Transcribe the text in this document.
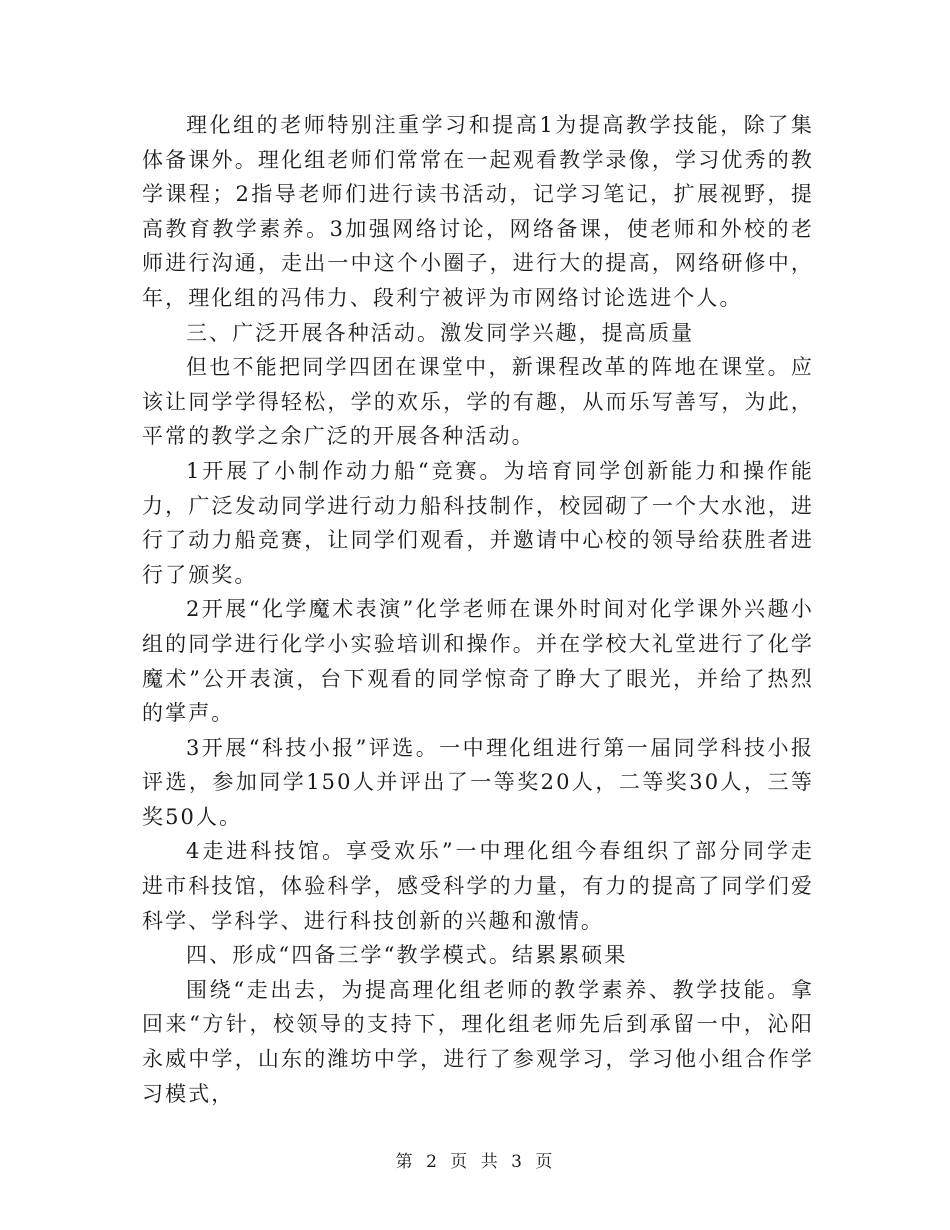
理化组的老师特别注重学习和提高1为提高教学技能，除了集体备课外。理化组老师们常常在一起观看教学录像，学习优秀的教学课程；2指导老师们进行读书活动，记学习笔记，扩展视野，提高教育教学素养。3加强网络讨论，网络备课，使老师和外校的老师进行沟通，走出一中这个小圈子，进行大的提高，网络研修中，年，理化组的冯伟力、段利宁被评为市网络讨论选进个人。

三、广泛开展各种活动。激发同学兴趣，提高质量

但也不能把同学四团在课堂中，新课程改革的阵地在课堂。应该让同学学得轻松，学的欢乐，学的有趣，从而乐写善写，为此，平常的教学之余广泛的开展各种活动。

1开展了小制作动力船“竞赛。为培育同学创新能力和操作能力，广泛发动同学进行动力船科技制作，校园砌了一个大水池，进行了动力船竞赛，让同学们观看，并邀请中心校的领导给获胜者进行了颁奖。

2开展“化学魔术表演”化学老师在课外时间对化学课外兴趣小组的同学进行化学小实验培训和操作。并在学校大礼堂进行了化学魔术”公开表演，台下观看的同学惊奇了睁大了眼光，并给了热烈的掌声。

3开展“科技小报”评选。一中理化组进行第一届同学科技小报评选，参加同学150人并评出了一等奖20人，二等奖30人，三等奖50人。

4走进科技馆。享受欢乐”一中理化组今春组织了部分同学走进市科技馆，体验科学，感受科学的力量，有力的提高了同学们爱科学、学科学、进行科技创新的兴趣和激情。

四、形成“四备三学“教学模式。结累累硕果

围绕“走出去，为提高理化组老师的教学素养、教学技能。拿回来“方针，校领导的支持下，理化组老师先后到承留一中，沁阳永威中学，山东的潍坊中学，进行了参观学习，学习他小组合作学习模式，

第 2 页 共 3 页
